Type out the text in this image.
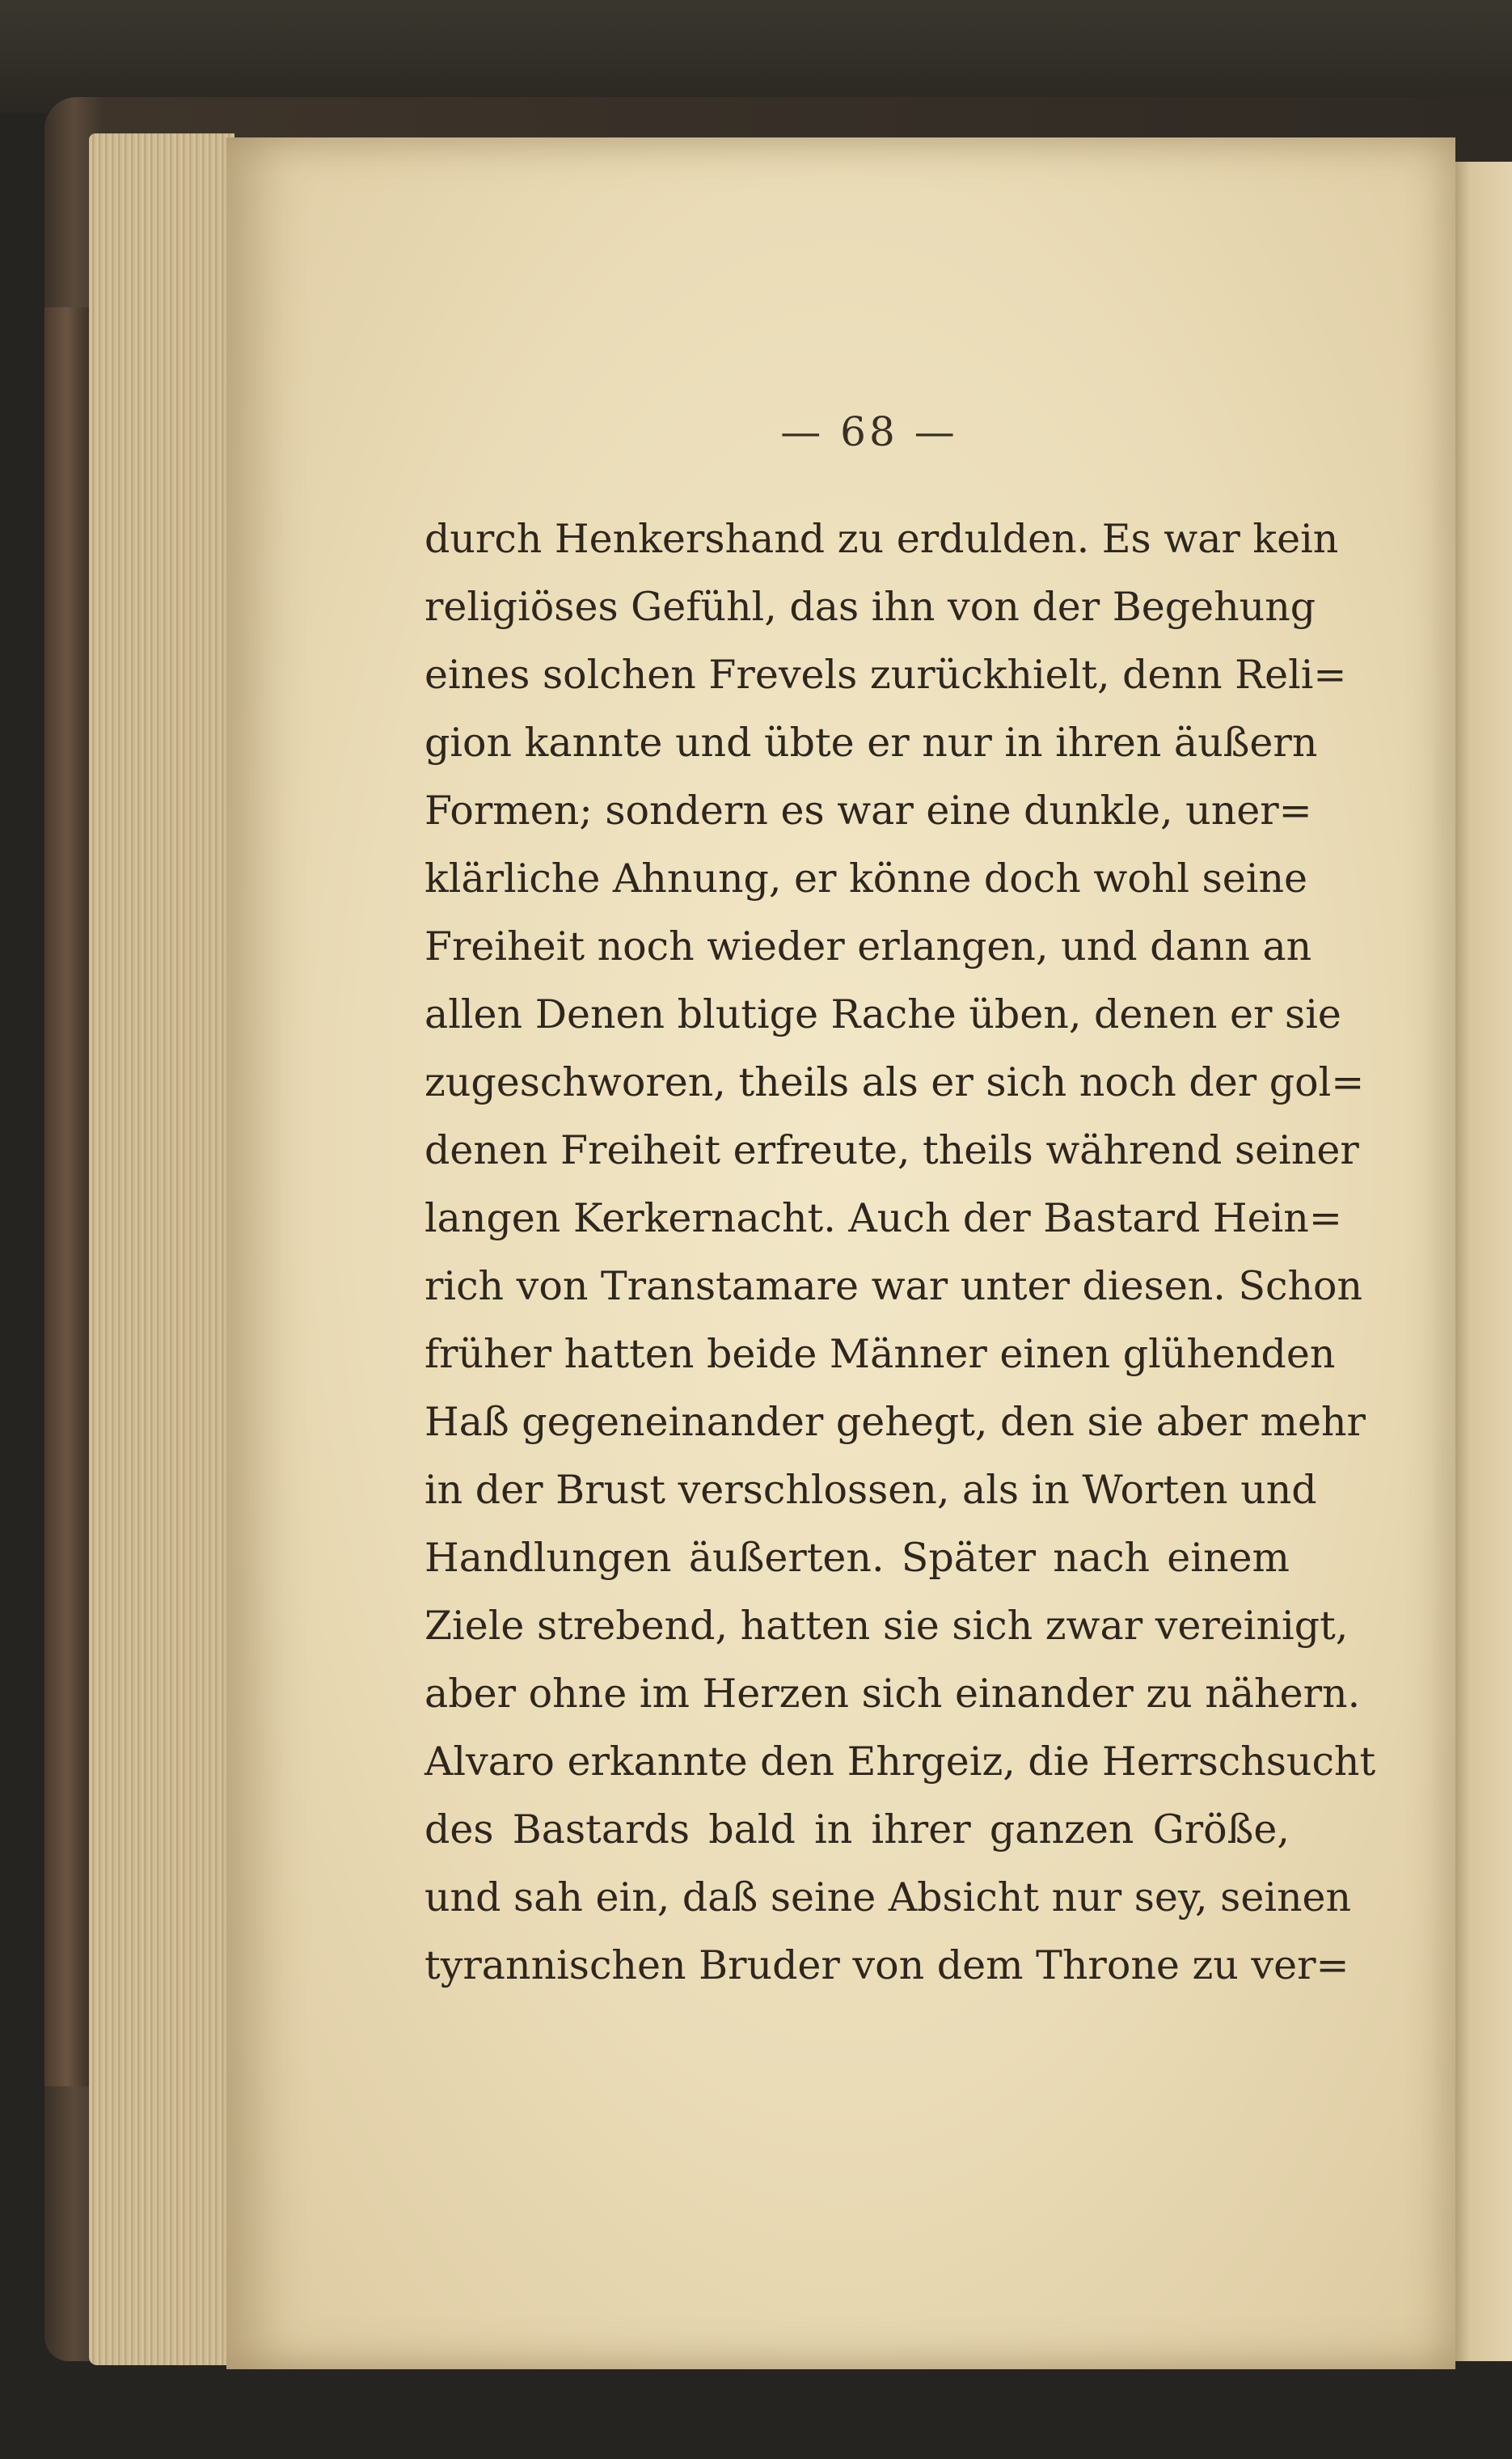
— 68 —
durch Henkershand zu erdulden. Es war kein
religiöses Gefühl, das ihn von der Begehung
eines solchen Frevels zurückhielt, denn Reli=
gion kannte und übte er nur in ihren äußern
Formen; sondern es war eine dunkle, uner=
klärliche Ahnung, er könne doch wohl seine
Freiheit noch wieder erlangen, und dann an
allen Denen blutige Rache üben, denen er sie
zugeschworen, theils als er sich noch der gol=
denen Freiheit erfreute, theils während seiner
langen Kerkernacht. Auch der Bastard Hein=
rich von Transtamare war unter diesen. Schon
früher hatten beide Männer einen glühenden
Haß gegeneinander gehegt, den sie aber mehr
in der Brust verschlossen, als in Worten und
Handlungen äußerten. Später nach einem
Ziele strebend, hatten sie sich zwar vereinigt,
aber ohne im Herzen sich einander zu nähern.
Alvaro erkannte den Ehrgeiz, die Herrschsucht
des Bastards bald in ihrer ganzen Größe,
und sah ein, daß seine Absicht nur sey, seinen
tyrannischen Bruder von dem Throne zu ver=
